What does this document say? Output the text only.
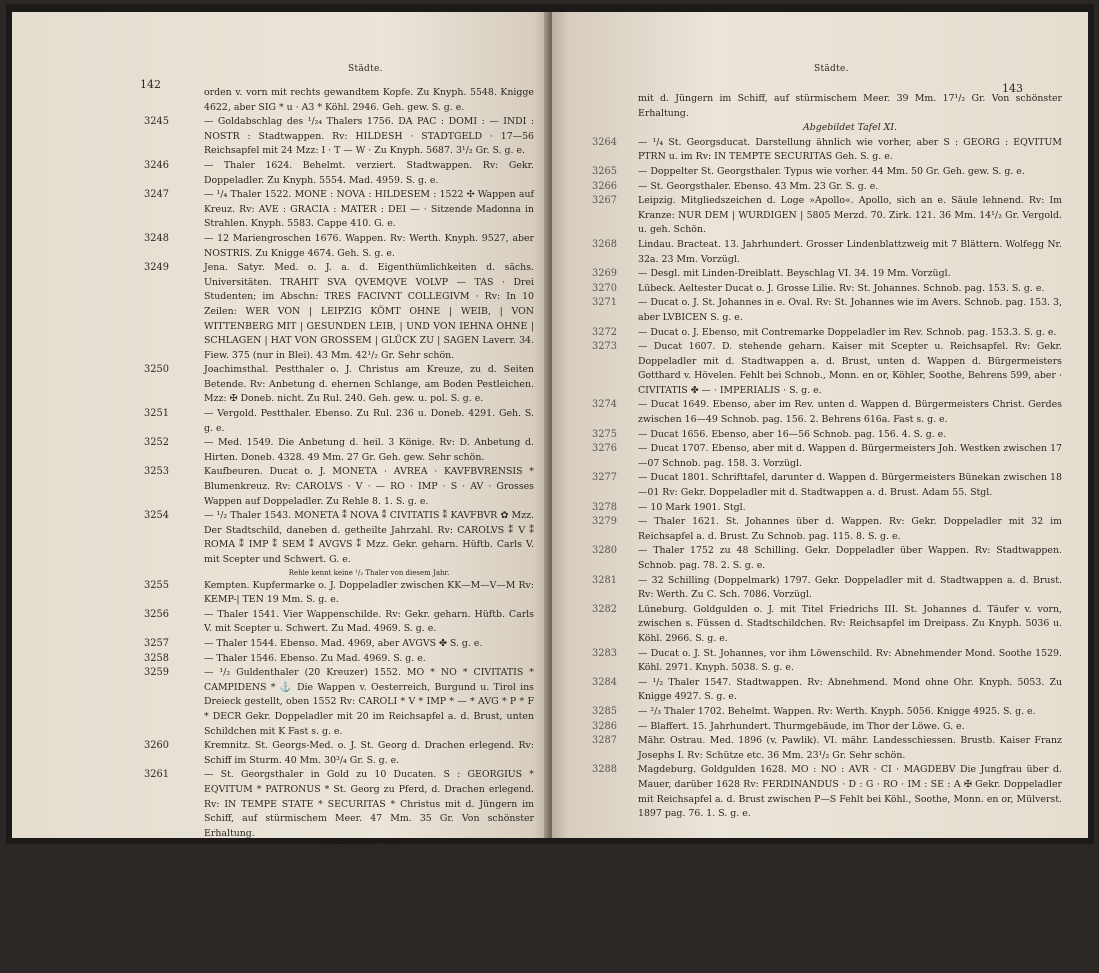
Städte.
142
orden v. vorn mit rechts gewandtem Kopfe. Zu Knyph. 5548. Knigge 4622, aber SIG * u · A3 * Köhl. 2946. Geh. gew. S. g. e.
3245	— Goldabschlag des ¹/₂₄ Thalers 1756. DA PAC : DOMI : — INDI : NOSTR : Stadtwappen. Rv: HILDESH · STADTGELD · 17—56 Reichsapfel mit 24 Mzz: I · T — W · Zu Knyph. 5687. 3¹/₂ Gr. S. g. e.
3246	— Thaler 1624. Behelmt. verziert. Stadtwappen. Rv: Gekr. Doppeladler. Zu Knyph. 5554. Mad. 4959. S. g. e.
3247	— ¹/₄ Thaler 1522. MONE : NOVA : HILDESEM : 1522 ✣ Wappen auf Kreuz. Rv: AVE : GRACIA : MATER : DEI — · Sitzende Madonna in Strahlen. Knyph. 5583. Cappe 410. G. e.
3248	— 12 Mariengroschen 1676. Wappen. Rv: Werth. Knyph. 9527, aber NOSTRIS. Zu Knigge 4674. Geh. S. g. e.
3249	Jena. Satyr. Med. o. J. a. d. Eigenthümlichkeiten d. sächs. Universitäten. TRAHIT SVA QVEMQVE VOLVP — TAS · Drei Studenten; im Abschn: TRES FACIVNT COLLEGIVM · Rv: In 10 Zeilen: WER VON | LEIPZIG KÖMT OHNE | WEIB, | VON WITTENBERG MIT | GESUNDEN LEIB, | UND VON IEHNA OHNE | SCHLAGEN | HAT VON GROSSEM | GLÜCK ZU | SAGEN Laverr. 34. Fiew. 375 (nur in Blei). 43 Mm. 42¹/₂ Gr. Sehr schön.
3250	Joachimsthal. Pestthaler o. J. Christus am Kreuze, zu d. Seiten Betende. Rv: Anbetung d. ehernen Schlange, am Boden Pestleichen. Mzz: ✠ Doneb. nicht. Zu Rul. 240. Geh. gew. u. pol. S. g. e.
3251	— Vergold. Pestthaler. Ebenso. Zu Rul. 236 u. Doneb. 4291. Geh. S. g. e.
3252	— Med. 1549. Die Anbetung d. heil. 3 Könige. Rv: D. Anbetung d. Hirten. Doneb. 4328. 49 Mm. 27 Gr. Geh. gew. Sehr schön.
3253	Kaufbeuren. Ducat o. J. MONETA · AVREA · KAVFBVRENSIS * Blumenkreuz. Rv: CAROLVS · V · — RO · IMP · S · AV · Grosses Wappen auf Doppeladler. Zu Rehle 8. 1. S. g. e.
3254	— ¹/₂ Thaler 1543. MONETA ⁑ NOVA ⁑ CIVITATIS ⁑ KAVFBVR ✿ Mzz. Der Stadtschild, daneben d. getheilte Jahrzahl. Rv: CAROLVS ⁑ V ⁑ ROMA ⁑ IMP ⁑ SEM ⁑ AVGVS ⁑ Mzz. Gekr. geharn. Hüftb. Carls V. mit Scepter und Schwert. G. e.
Rehle kennt keine ¹/₂ Thaler von diesem Jahr.
3255	Kempten. Kupfermarke o. J. Doppeladler zwischen KK—M—V—M Rv: KEMP-| TEN 19 Mm. S. g. e.
3256	— Thaler 1541. Vier Wappenschilde. Rv: Gekr. geharn. Hüftb. Carls V. mit Scepter u. Schwert. Zu Mad. 4969. S. g. e.
3257	— Thaler 1544. Ebenso. Mad. 4969, aber AVGVS ✤ S. g. e.
3258	— Thaler 1546. Ebenso. Zu Mad. 4969. S. g. e.
3259	— ¹/₂ Guldenthaler (20 Kreuzer) 1552. MO * NO * CIVITATIS * CAMPIDENS * ⚓ Die Wappen v. Oesterreich, Burgund u. Tirol ins Dreieck gestellt, oben 1552 Rv: CAROLI * V * IMP * — * AVG * P * F * DECR Gekr. Doppeladler mit 20 im Reichsapfel a. d. Brust, unten Schildchen mit K Fast s. g. e.
3260	Kremnitz. St. Georgs-Med. o. J. St. Georg d. Drachen erlegend. Rv: Schiff im Sturm. 40 Mm. 30³/₄ Gr. S. g. e.
3261	— St. Georgsthaler in Gold zu 10 Ducaten. S : GEORGIUS * EQVITUM * PATRONUS * St. Georg zu Pferd, d. Drachen erlegend. Rv: IN TEMPE STATE * SECURITAS * Christus mit d. Jüngern im Schiff, auf stürmischem Meer. 47 Mm. 35 Gr. Von schönster Erhaltung.
Abgebildet Tafel XI.
3262	— St. Georgsthaler in Gold zu 10 Ducaten. Darstellung wie vorher. Umschriften: S : GEORGIVS · EQVITVM · PATRONVS * Rv: IN TEMPESTATE * SECVRITAS ⚙ 45 Mm. 34¹/₂ Gr. Sehr schön.
Abgebildet Tafel XI.
3263	— ¹/₂ St. Georgsthaler in Gold zu 5 Ducaten (v. Ch. Herm. Roth v. Rothenfels). S : GEORGIVS · EQVITVM · PATRONVS * St. Georg zu Pferd, d. Drachen erlegend; unten C · H · R · Rv: IN TEMPESTATE * SECVRITAS * Christus
Städte.
143
mit d. Jüngern im Schiff, auf stürmischem Meer. 39 Mm. 17¹/₂ Gr. Von schönster Erhaltung.
Abgebildet Tafel XI.
3264 — ¹/₄ St. Georgsducat. Darstellung ähnlich wie vorher, aber S : GEORG : EQVITUM PTRN u. im Rv: IN TEMPTE SECURITAS Geh. S. g. e.
3265 — Doppelter St. Georgsthaler. Typus wie vorher. 44 Mm. 50 Gr. Geh. gew. S. g. e.
3266 — St. Georgsthaler. Ebenso. 43 Mm. 23 Gr. S. g. e.
3267 Leipzig. Mitgliedszeichen d. Loge »Apollo«. Apollo, sich an e. Säule lehnend. Rv: Im Kranze: NUR DEM | WURDIGEN | 5805 Merzd. 70. Zirk. 121. 36 Mm. 14¹/₂ Gr. Vergold. u. geh. Schön.
3268 Lindau. Bracteat. 13. Jahrhundert. Grosser Lindenblattzweig mit 7 Blättern. Wolfegg Nr. 32a. 23 Mm. Vorzügl.
3269 — Desgl. mit Linden-Dreiblatt. Beyschlag VI. 34. 19 Mm. Vorzügl.
3270 Lübeck. Aeltester Ducat o. J. Grosse Lilie. Rv: St. Johannes. Schnob. pag. 153. S. g. e.
3271 — Ducat o. J. St. Johannes in e. Oval. Rv: St. Johannes wie im Avers. Schnob. pag. 153. 3, aber LVBICEN S. g. e.
3272 — Ducat o. J. Ebenso, mit Contremarke Doppeladler im Rev. Schnob. pag. 153.3. S. g. e.
3273 — Ducat 1607. D. stehende geharn. Kaiser mit Scepter u. Reichsapfel. Rv: Gekr. Doppeladler mit d. Stadtwappen a. d. Brust, unten d. Wappen d. Bürgermeisters Gotthard v. Hövelen. Fehlt bei Schnob., Monn. en or, Köhler, Soothe, Behrens 599, aber · CIVITATIS ✤ — · IMPERIALIS · S. g. e.
3274 — Ducat 1649. Ebenso, aber im Rev. unten d. Wappen d. Bürgermeisters Christ. Gerdes zwischen 16—49 Schnob. pag. 156. 2. Behrens 616a. Fast s. g. e.
3275 — Ducat 1656. Ebenso, aber 16—56 Schnob. pag. 156. 4. S. g. e.
3276 — Ducat 1707. Ebenso, aber mit d. Wappen d. Bürgermeisters Joh. Westken zwischen 17—07 Schnob. pag. 158. 3. Vorzügl.
3277 — Ducat 1801. Schrifttafel, darunter d. Wappen d. Bürgermeisters Bünekan zwischen 18—01 Rv: Gekr. Doppeladler mit d. Stadtwappen a. d. Brust. Adam 55. Stgl.
3278 — 10 Mark 1901. Stgl.
3279 — Thaler 1621. St. Johannes über d. Wappen. Rv: Gekr. Doppeladler mit 32 im Reichsapfel a. d. Brust. Zu Schnob. pag. 115. 8. S. g. e.
3280 — Thaler 1752 zu 48 Schilling. Gekr. Doppeladler über Wappen. Rv: Stadtwappen. Schnob. pag. 78. 2. S. g. e.
3281 — 32 Schilling (Doppelmark) 1797. Gekr. Doppeladler mit d. Stadtwappen a. d. Brust. Rv: Werth. Zu C. Sch. 7086. Vorzügl.
3282 Lüneburg. Goldgulden o. J. mit Titel Friedrichs III. St. Johannes d. Täufer v. vorn, zwischen s. Füssen d. Stadtschildchen. Rv: Reichsapfel im Dreipass. Zu Knyph. 5036 u. Köhl. 2966. S. g. e.
3283 — Ducat o. J. St. Johannes, vor ihm Löwenschild. Rv: Abnehmender Mond. Soothe 1529. Köhl. 2971. Knyph. 5038. S. g. e.
3284 — ¹/₂ Thaler 1547. Stadtwappen. Rv: Abnehmend. Mond ohne Ohr. Knyph. 5053. Zu Knigge 4927. S. g. e.
3285 — ²/₃ Thaler 1702. Behelmt. Wappen. Rv: Werth. Knyph. 5056. Knigge 4925. S. g. e.
3286 — Blaffert. 15. Jahrhundert. Thurmgebäude, im Thor der Löwe. G. e.
3287 Mähr. Ostrau. Med. 1896 (v. Pawlik). VI. mähr. Landesschiessen. Brustb. Kaiser Franz Josephs I. Rv: Schütze etc. 36 Mm. 23¹/₂ Gr. Sehr schön.
3288 Magdeburg. Goldgulden 1628. MO : NO : AVR · CI · MAGDEBV Die Jungfrau über d. Mauer, darüber 1628 Rv: FERDINANDUS · D : G · RO · IM : SE : A ✠ Gekr. Doppeladler mit Reichsapfel a. d. Brust zwischen P—S Fehlt bei Köhl., Soothe, Monn. en or, Mülverst. 1897 pag. 76. 1. S. g. e.
